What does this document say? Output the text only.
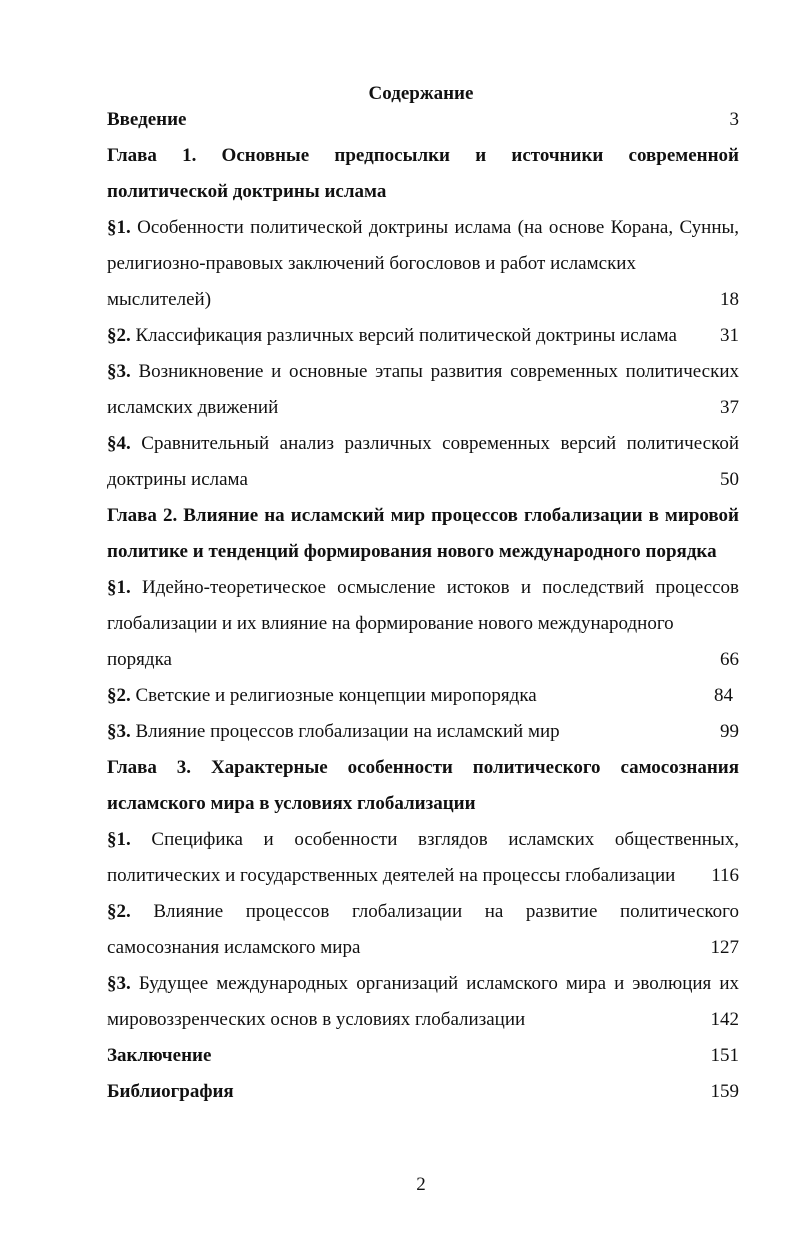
Содержание
Введение	3
Глава 1. Основные предпосылки и источники современной политической доктрины ислама
§1. Особенности политической доктрины ислама (на основе Корана, Сунны, религиозно-правовых заключений богословов и работ исламских
мыслителей)	18
§2. Классификация различных версий политической доктрины ислама	31
§3. Возникновение и основные этапы развития современных политических
исламских движений	37
§4. Сравнительный анализ различных современных версий политической
доктрины ислама	50
Глава 2. Влияние на исламский мир процессов глобализации в мировой политике и тенденций формирования нового международного порядка
§1. Идейно-теоретическое осмысление истоков и последствий процессов глобализации и их влияние на формирование нового международного
порядка	66
§2. Светские и религиозные концепции миропорядка	84
§3. Влияние процессов глобализации на исламский мир	99
Глава 3. Характерные особенности политического самосознания исламского мира в условиях глобализации
§1. Специфика и особенности взглядов исламских общественных,
политических и государственных деятелей на процессы глобализации	116
§2. Влияние процессов глобализации на развитие политического
самосознания исламского мира	127
§3. Будущее международных организаций исламского мира и эволюция их
мировоззренческих основ в условиях глобализации	142
Заключение	151
Библиография	159
2
